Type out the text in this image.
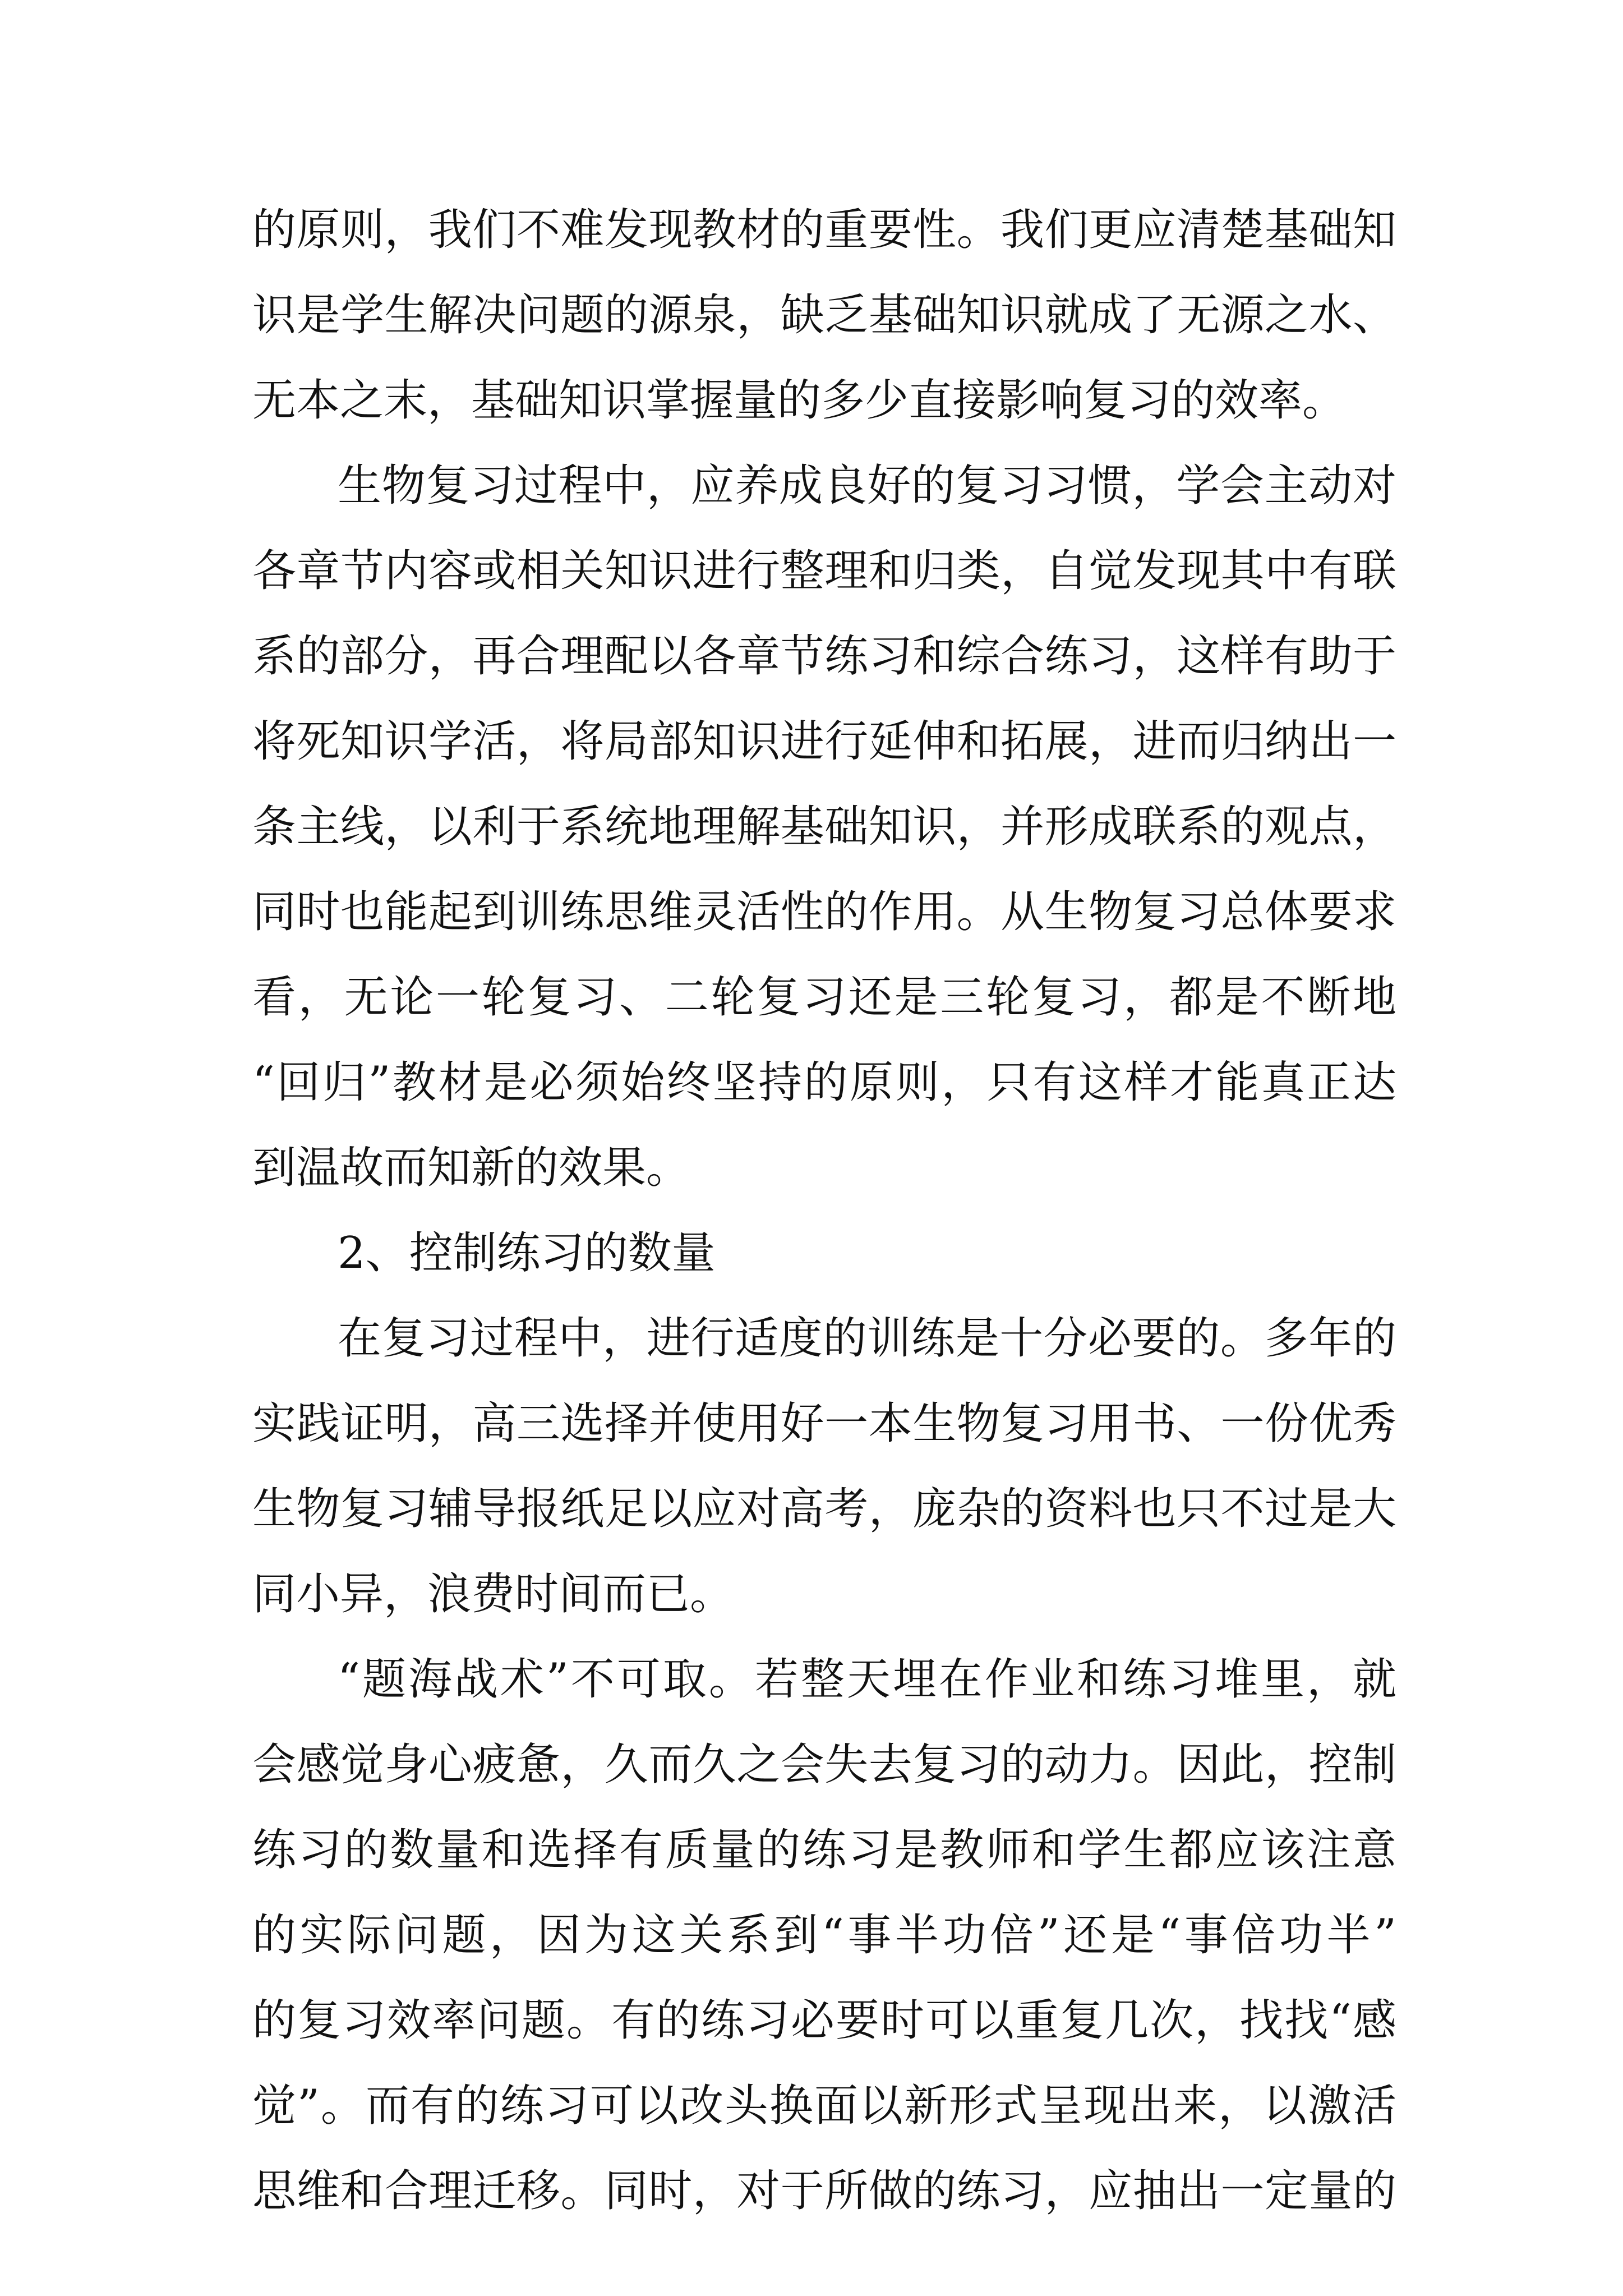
的原则，我们不难发现教材的重要性。我们更应清楚基础知
识是学生解决问题的源泉，缺乏基础知识就成了无源之水、
无本之末，基础知识掌握量的多少直接影响复习的效率。
生物复习过程中，应养成良好的复习习惯，学会主动对
各章节内容或相关知识进行整理和归类，自觉发现其中有联
系的部分，再合理配以各章节练习和综合练习，这样有助于
将死知识学活，将局部知识进行延伸和拓展，进而归纳出一
条主线，以利于系统地理解基础知识，并形成联系的观点，
同时也能起到训练思维灵活性的作用。从生物复习总体要求
看，无论一轮复习、二轮复习还是三轮复习，都是不断地
“回归”教材是必须始终坚持的原则，只有这样才能真正达
到温故而知新的效果。
2、控制练习的数量
在复习过程中，进行适度的训练是十分必要的。多年的
实践证明，高三选择并使用好一本生物复习用书、一份优秀
生物复习辅导报纸足以应对高考，庞杂的资料也只不过是大
同小异，浪费时间而已。
“题海战术”不可取。若整天埋在作业和练习堆里，就
会感觉身心疲惫，久而久之会失去复习的动力。因此，控制
练习的数量和选择有质量的练习是教师和学生都应该注意
的实际问题，因为这关系到“事半功倍”还是“事倍功半”
的复习效率问题。有的练习必要时可以重复几次，找找“感
觉”。而有的练习可以改头换面以新形式呈现出来，以激活
思维和合理迁移。同时，对于所做的练习，应抽出一定量的
